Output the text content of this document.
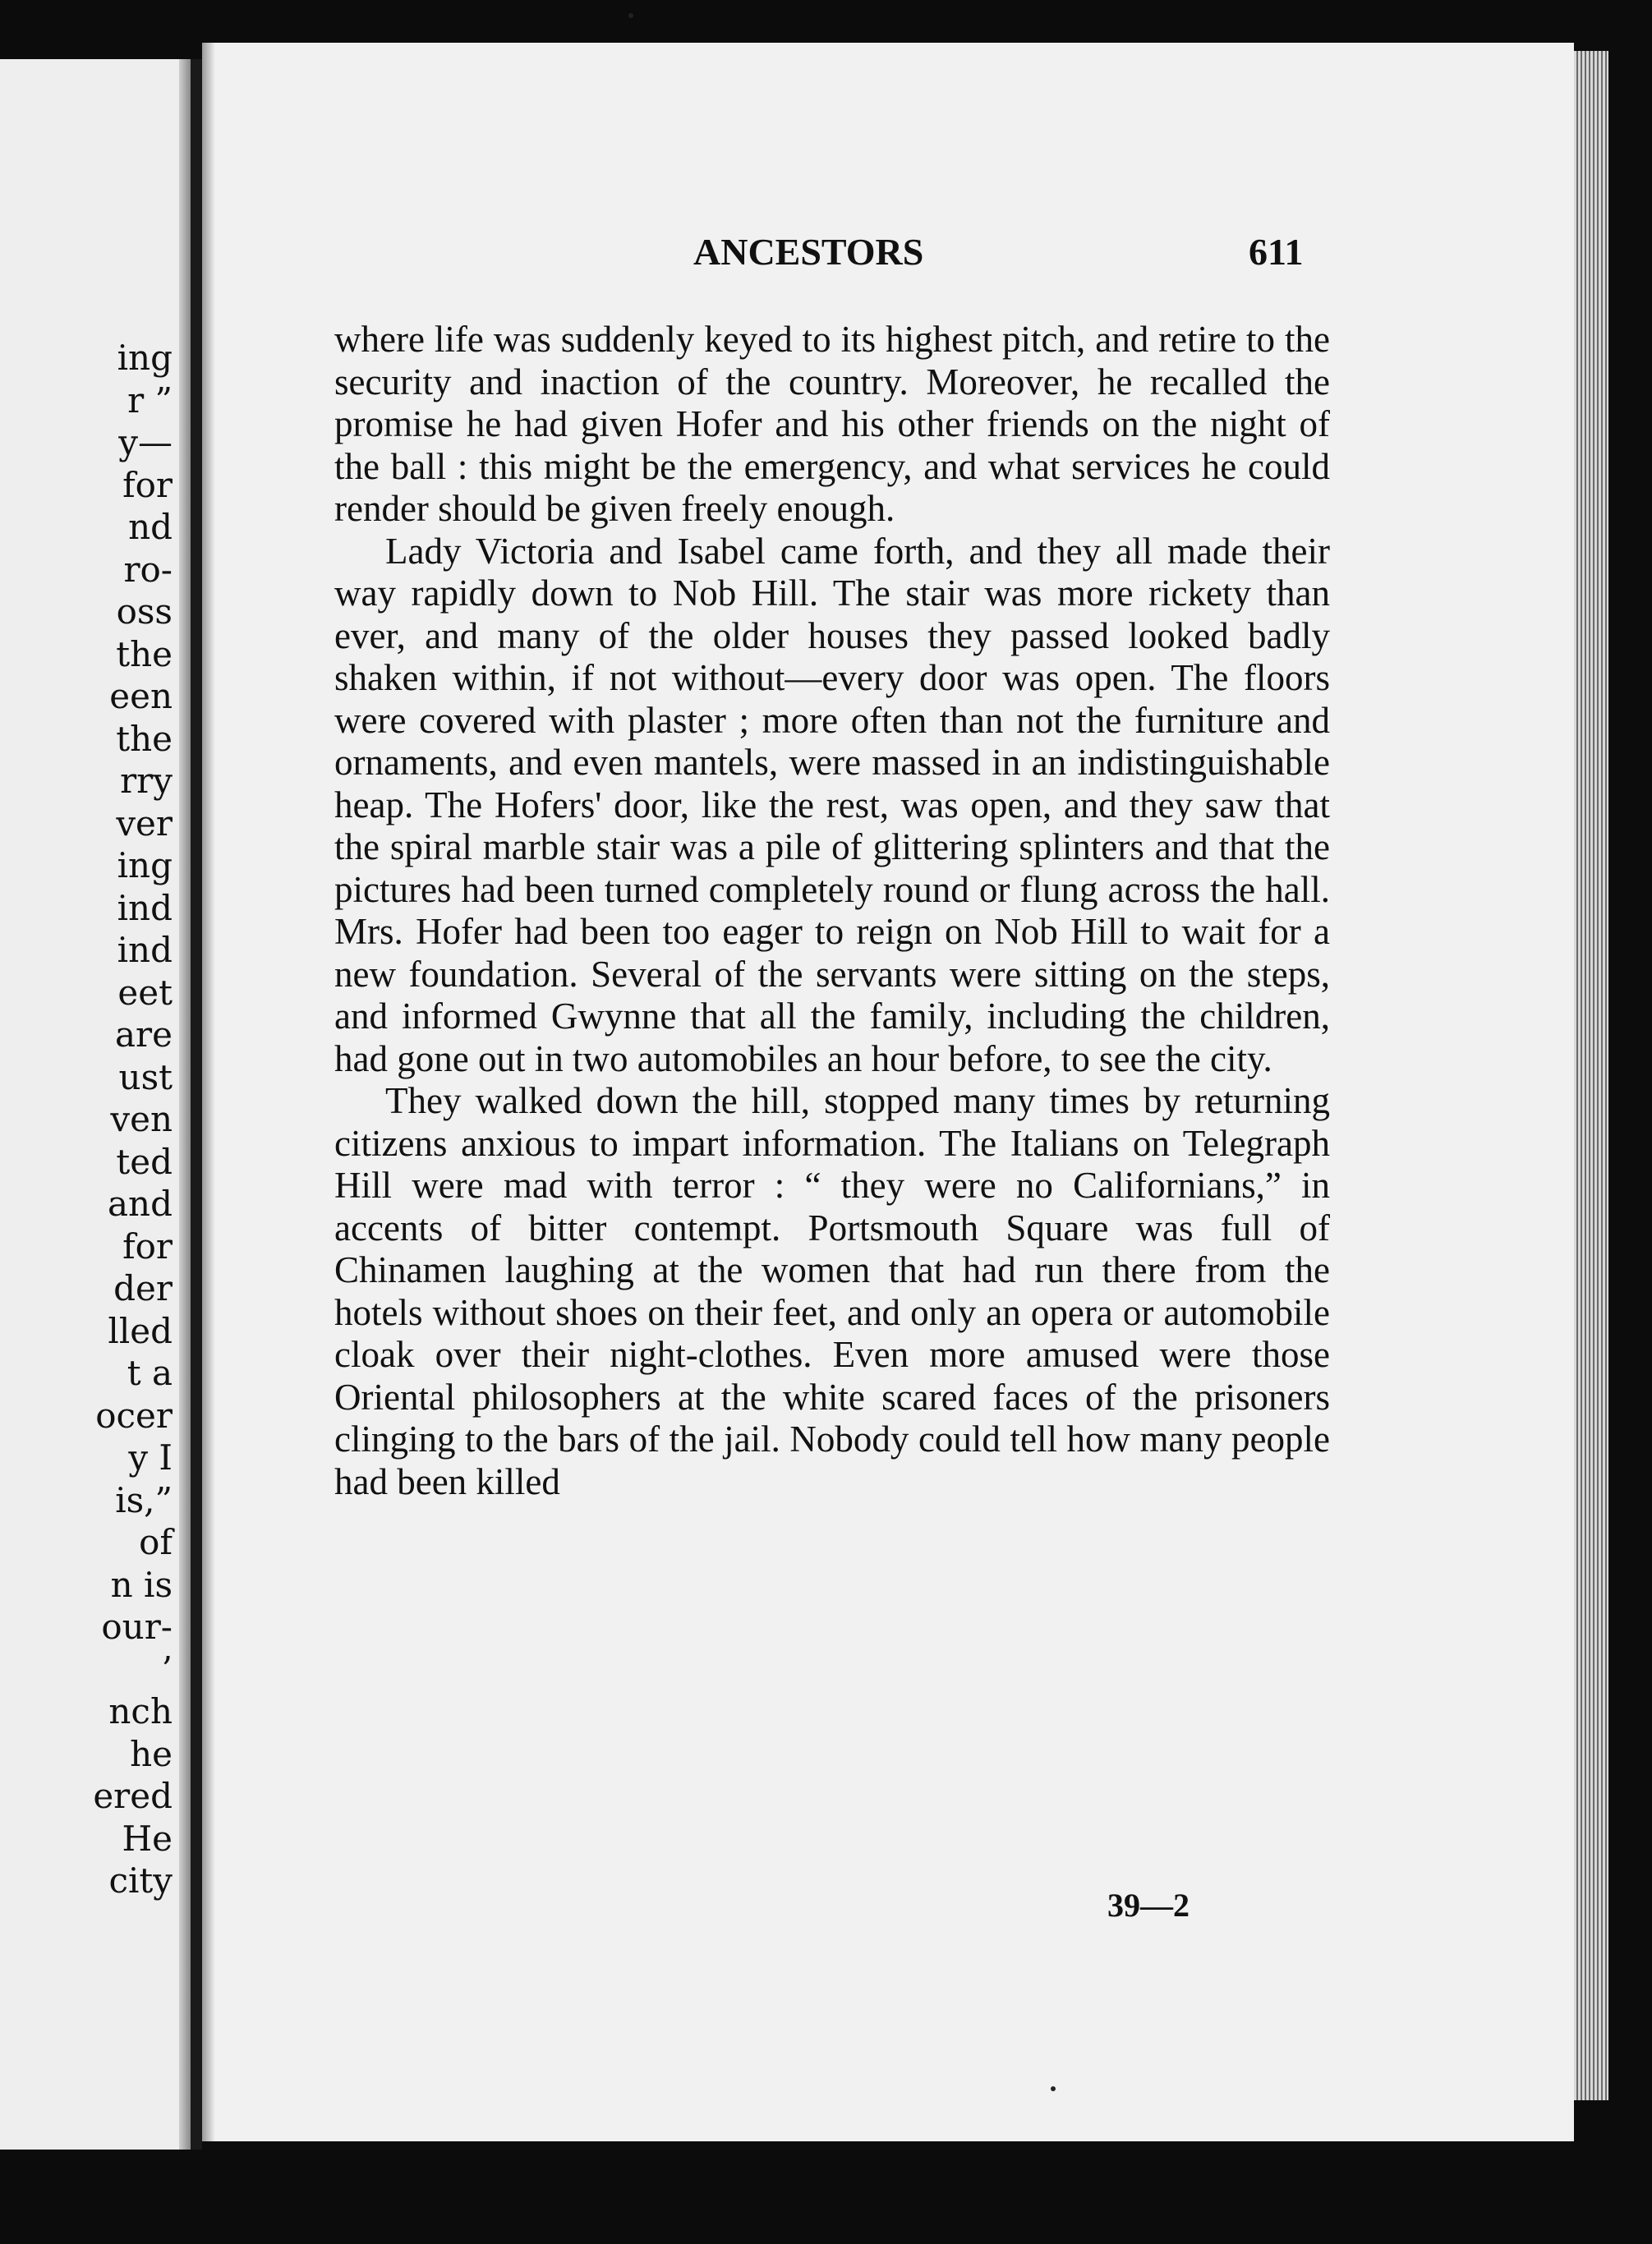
ing
r ”
y—
for
nd
ro-
oss
the
een
the
rry
ver
ing
ind
ind
eet
are
ust
ven
ted
and
for
der
lled
t a
ocer
y I
is,”
of
n is
our-
’
nch
he
ered
He
city
ANCESTORS	611

where life was suddenly keyed to its highest pitch, and retire to the security and inaction of the country. Moreover, he recalled the promise he had given Hofer and his other friends on the night of the ball : this might be the emergency, and what services he could render should be given freely enough.

Lady Victoria and Isabel came forth, and they all made their way rapidly down to Nob Hill. The stair was more rickety than ever, and many of the older houses they passed looked badly shaken within, if not without—every door was open. The floors were covered with plaster ; more often than not the furniture and ornaments, and even mantels, were massed in an indistinguishable heap. The Hofers' door, like the rest, was open, and they saw that the spiral marble stair was a pile of glittering splinters and that the pictures had been turned completely round or flung across the hall. Mrs. Hofer had been too eager to reign on Nob Hill to wait for a new foundation. Several of the servants were sitting on the steps, and informed Gwynne that all the family, including the children, had gone out in two automobiles an hour before, to see the city.

They walked down the hill, stopped many times by returning citizens anxious to impart information. The Italians on Telegraph Hill were mad with terror : “ they were no Californians,” in accents of bitter contempt. Portsmouth Square was full of Chinamen laughing at the women that had run there from the hotels without shoes on their feet, and only an opera or automobile cloak over their night-clothes. Even more amused were those Oriental philosophers at the white scared faces of the prisoners clinging to the bars of the jail. Nobody could tell how many people had been killed

39—2
